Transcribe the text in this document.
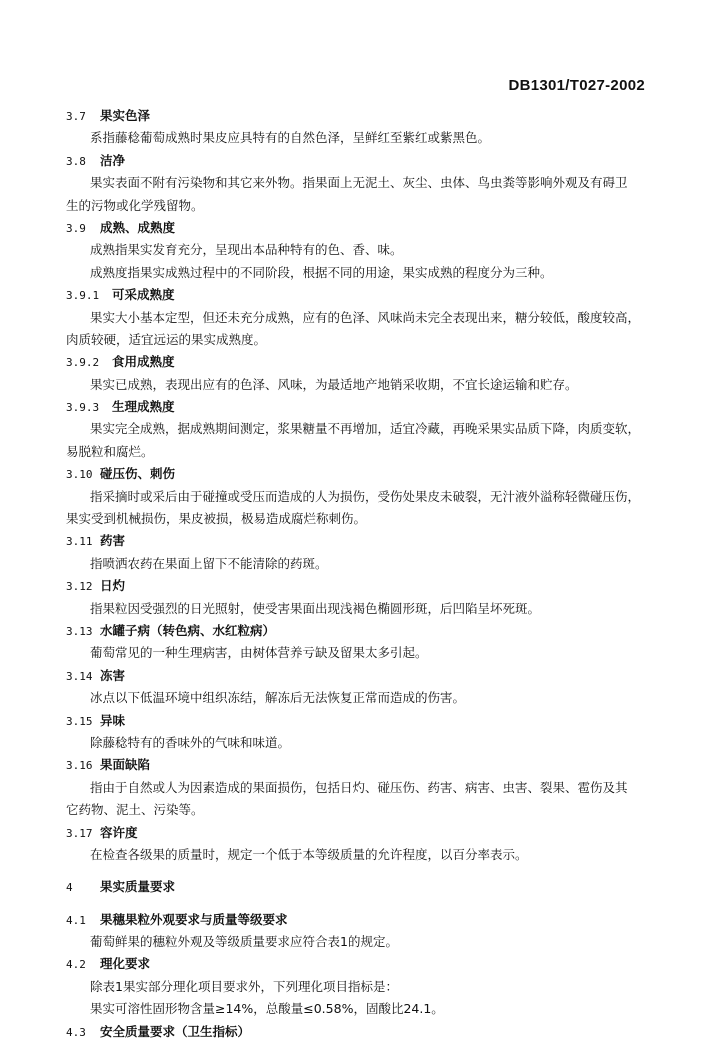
DB1301/T027-2002
3.7	果实色泽
系指藤稔葡萄成熟时果皮应具特有的自然色泽，呈鲜红至紫红或紫黑色。
3.8	洁净
果实表面不附有污染物和其它来外物。指果面上无泥土、灰尘、虫体、鸟虫粪等影响外观及有碍卫
生的污物或化学残留物。
3.9	成熟、成熟度
成熟指果实发育充分，呈现出本品种特有的色、香、味。
成熟度指果实成熟过程中的不同阶段，根据不同的用途，果实成熟的程度分为三种。
3.9.1	可采成熟度
果实大小基本定型，但还未充分成熟，应有的色泽、风味尚未完全表现出来，糖分较低，酸度较高，
肉质较硬，适宜远运的果实成熟度。
3.9.2	食用成熟度
果实已成熟，表现出应有的色泽、风味，为最适地产地销采收期，不宜长途运输和贮存。
3.9.3	生理成熟度
果实完全成熟，据成熟期间测定，浆果糖量不再增加，适宜冷藏，再晚采果实品质下降，肉质变软，
易脱粒和腐烂。
3.10 碰压伤、刺伤
指采摘时或采后由于碰撞或受压而造成的人为损伤，受伤处果皮未破裂，无汁液外溢称轻微碰压伤，
果实受到机械损伤，果皮被损，极易造成腐烂称刺伤。
3.11 药害
指喷洒农药在果面上留下不能清除的药斑。
3.12 日灼
指果粒因受强烈的日光照射，使受害果面出现浅褐色椭圆形斑，后凹陷呈坏死斑。
3.13 水罐子病（转色病、水红粒病）
葡萄常见的一种生理病害，由树体营养亏缺及留果太多引起。
3.14 冻害
冰点以下低温环境中组织冻结，解冻后无法恢复正常而造成的伤害。
3.15 异味
除藤稔特有的香味外的气味和味道。
3.16 果面缺陷
指由于自然或人为因素造成的果面损伤，包括日灼、碰压伤、药害、病害、虫害、裂果、雹伤及其
它药物、泥土、污染等。
3.17 容许度
在检查各级果的质量时，规定一个低于本等级质量的允许程度，以百分率表示。
4	果实质量要求
4.1	果穗果粒外观要求与质量等级要求
葡萄鲜果的穗粒外观及等级质量要求应符合表1的规定。
4.2	理化要求
除表1果实部分理化项目要求外，下列理化项目指标是：
果实可溶性固形物含量≥14%，总酸量≤0.58%，固酸比24.1。
4.3	安全质量要求（卫生指标）
